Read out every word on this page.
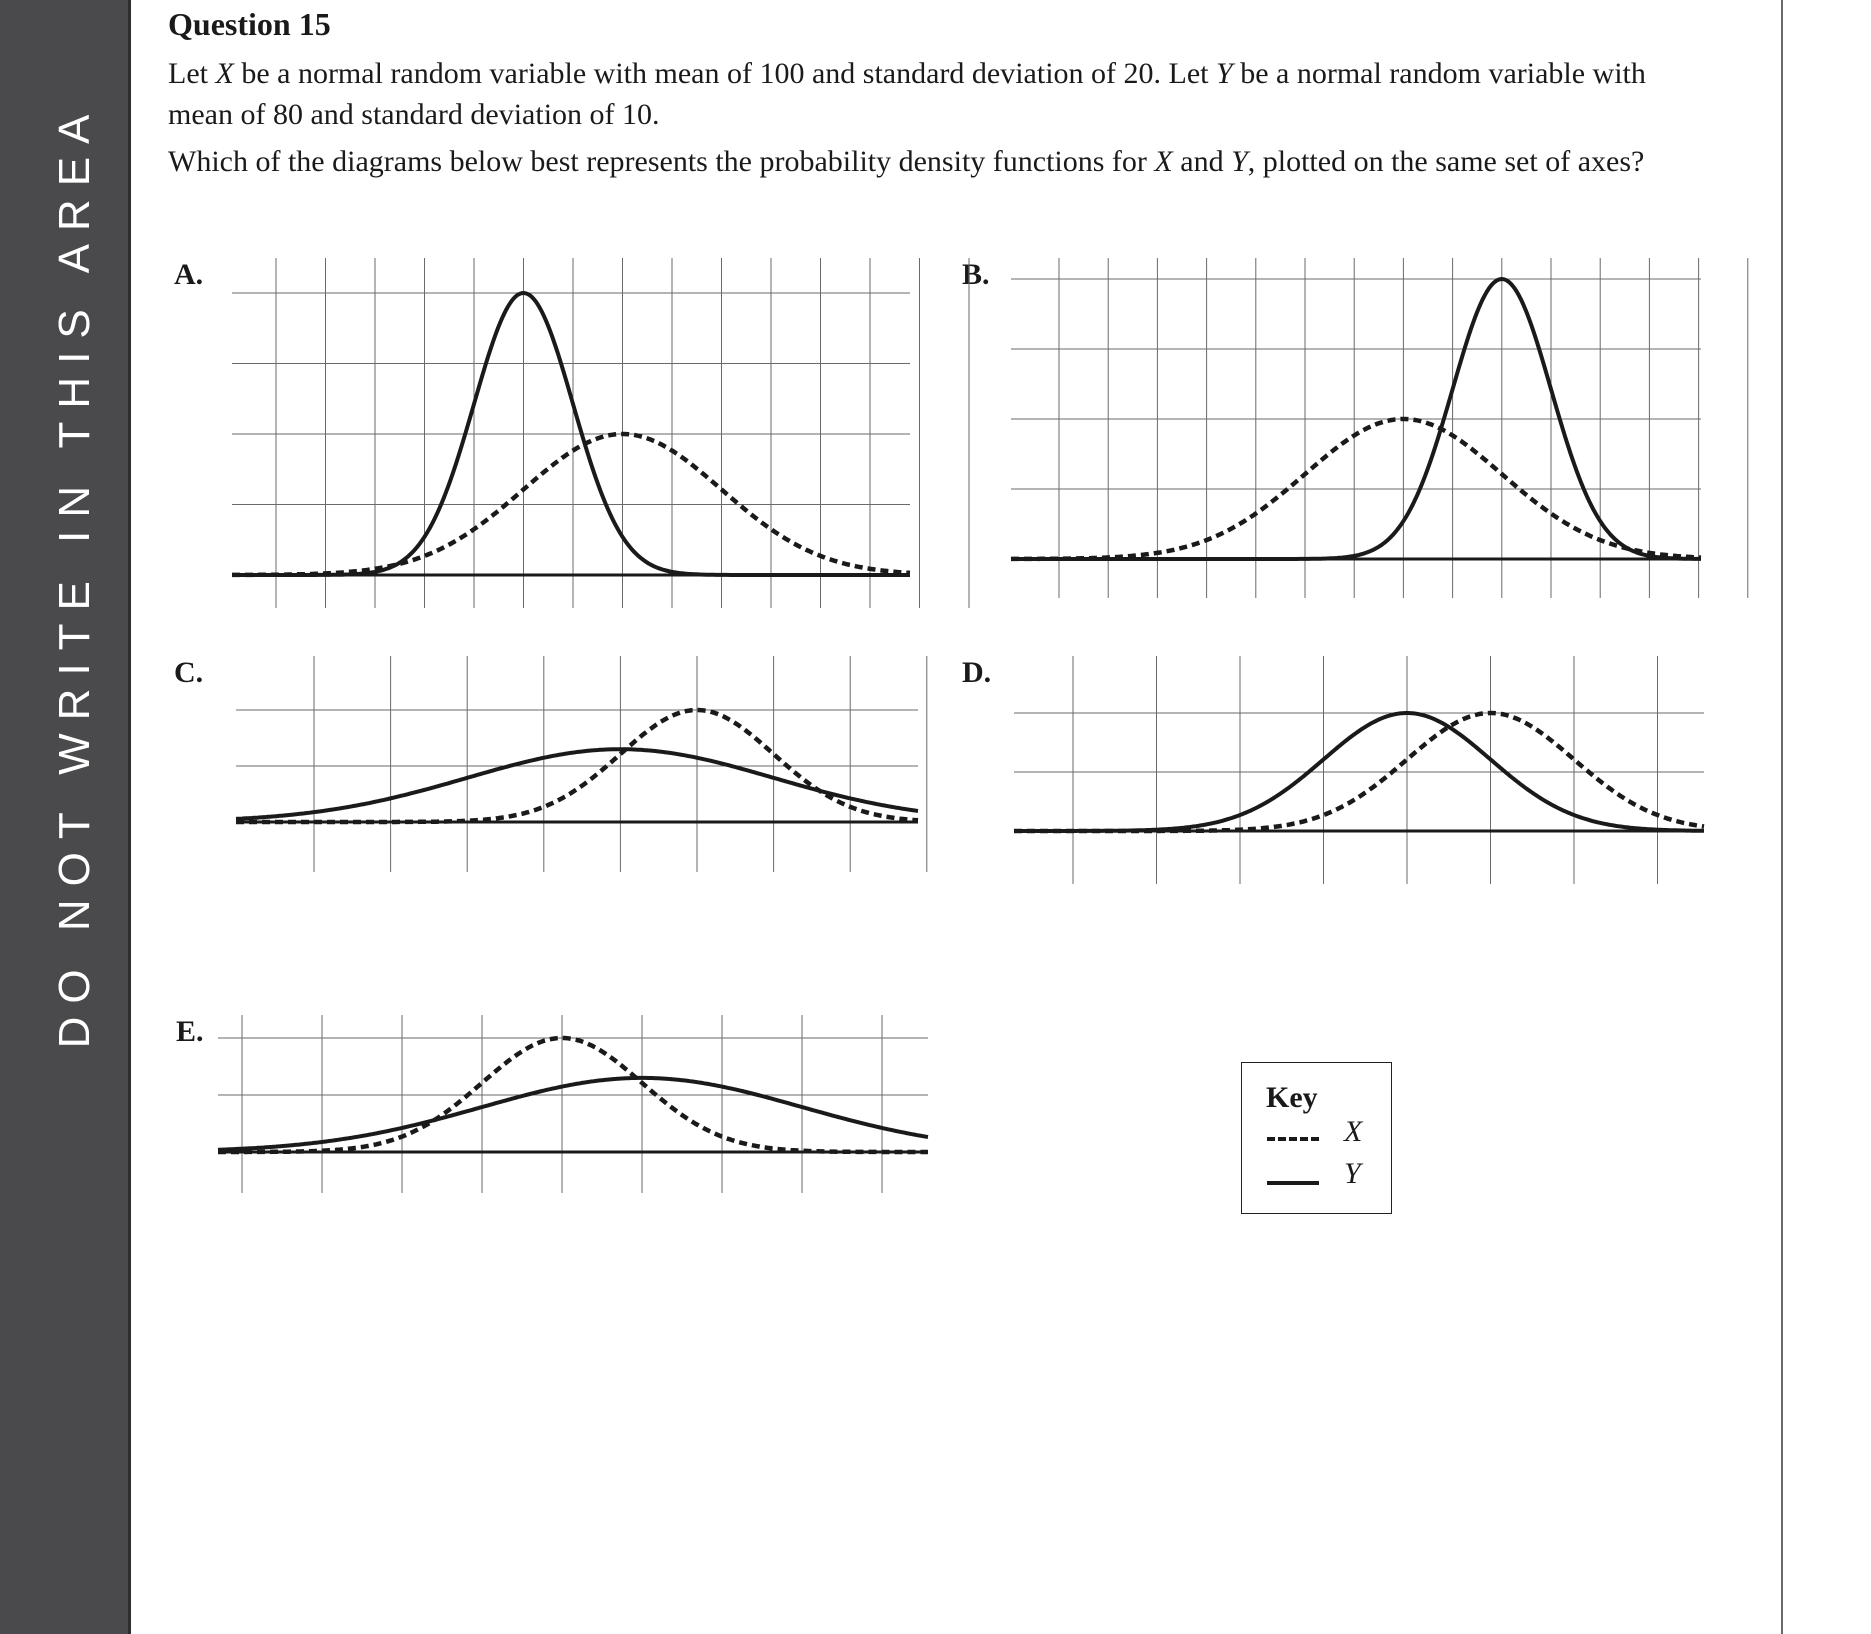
DO NOT WRITE IN THIS AREA
Question 15

Let X be a normal random variable with mean of 100 and standard deviation of 20. Let Y be a normal random variable with mean of 80 and standard deviation of 10.

Which of the diagrams below best represents the probability density functions for X and Y, plotted on the same set of axes?

A.	B.
C.	D.
E.
Key
X
Y
